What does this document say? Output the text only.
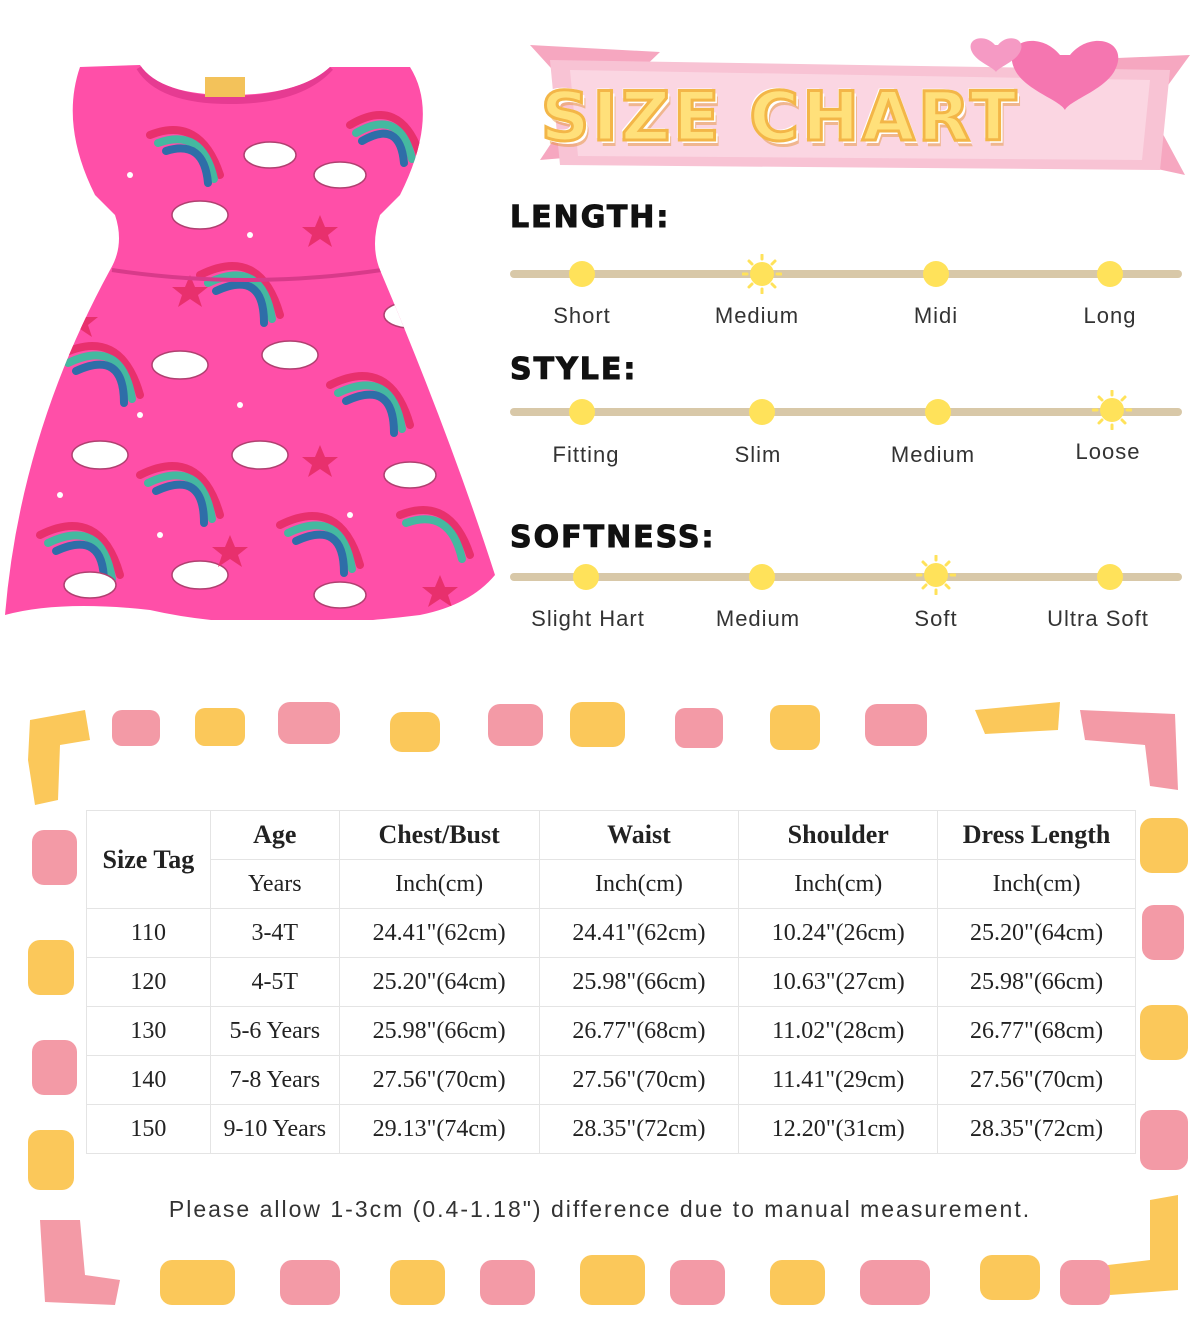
SIZE CHART
LENGTH:
Short	Medium	Midi	Long
STYLE:
Fitting	Slim	Medium	Loose
SOFTNESS:
Slight Hart	Medium	Soft	Ultra Soft
Size Tag	Age	Chest/Bust	Waist	Shoulder	Dress Length
	Years	Inch(cm)	Inch(cm)	Inch(cm)	Inch(cm)
110	3-4T	24.41"(62cm)	24.41"(62cm)	10.24"(26cm)	25.20"(64cm)
120	4-5T	25.20"(64cm)	25.98"(66cm)	10.63"(27cm)	25.98"(66cm)
130	5-6 Years	25.98"(66cm)	26.77"(68cm)	11.02"(28cm)	26.77"(68cm)
140	7-8 Years	27.56"(70cm)	27.56"(70cm)	11.41"(29cm)	27.56"(70cm)
150	9-10 Years	29.13"(74cm)	28.35"(72cm)	12.20"(31cm)	28.35"(72cm)
Please allow 1-3cm (0.4-1.18") difference due to manual measurement.
